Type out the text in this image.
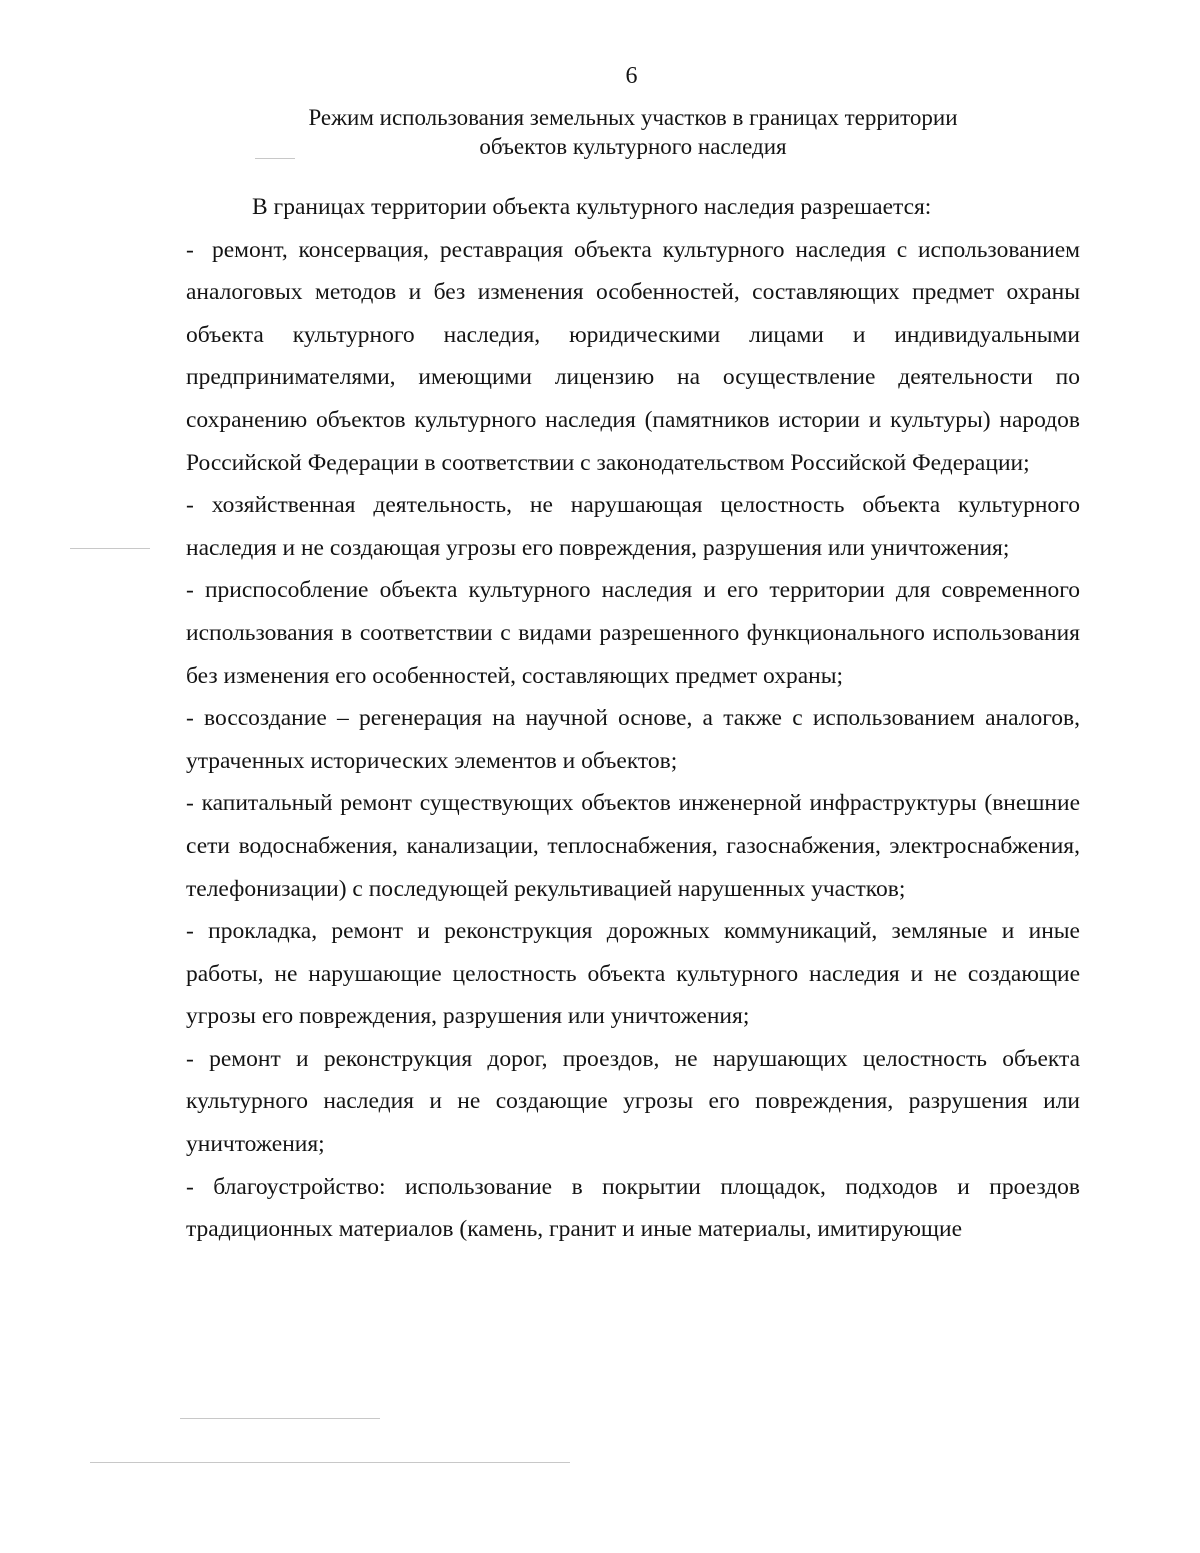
6
Режим использования земельных участков в границах территории
объектов культурного наследия

В границах территории объекта культурного наследия разрешается:

- ремонт, консервация, реставрация объекта культурного наследия с использованием аналоговых методов и без изменения особенностей, составляющих предмет охраны объекта культурного наследия, юридическими лицами и индивидуальными предпринимателями, имеющими лицензию на осуществление деятельности по сохранению объектов культурного наследия (памятников истории и культуры) народов Российской Федерации в соответствии с законодательством Российской Федерации;

- хозяйственная деятельность, не нарушающая целостность объекта культурного наследия и не создающая угрозы его повреждения, разрушения или уничтожения;

- приспособление объекта культурного наследия и его территории для современного использования в соответствии с видами разрешенного функционального использования без изменения его особенностей, составляющих предмет охраны;

- воссоздание – регенерация на научной основе, а также с использованием аналогов, утраченных исторических элементов и объектов;

- капитальный ремонт существующих объектов инженерной инфраструктуры (внешние сети водоснабжения, канализации, теплоснабжения, газоснабжения, электроснабжения, телефонизации) с последующей рекультивацией нарушенных участков;

- прокладка, ремонт и реконструкция дорожных коммуникаций, земляные и иные работы, не нарушающие целостность объекта культурного наследия и не создающие угрозы его повреждения, разрушения или уничтожения;

- ремонт и реконструкция дорог, проездов, не нарушающих целостность объекта культурного наследия и не создающие угрозы его повреждения, разрушения или уничтожения;

- благоустройство: использование в покрытии площадок, подходов и проездов традиционных материалов (камень, гранит и иные материалы, имитирующие
